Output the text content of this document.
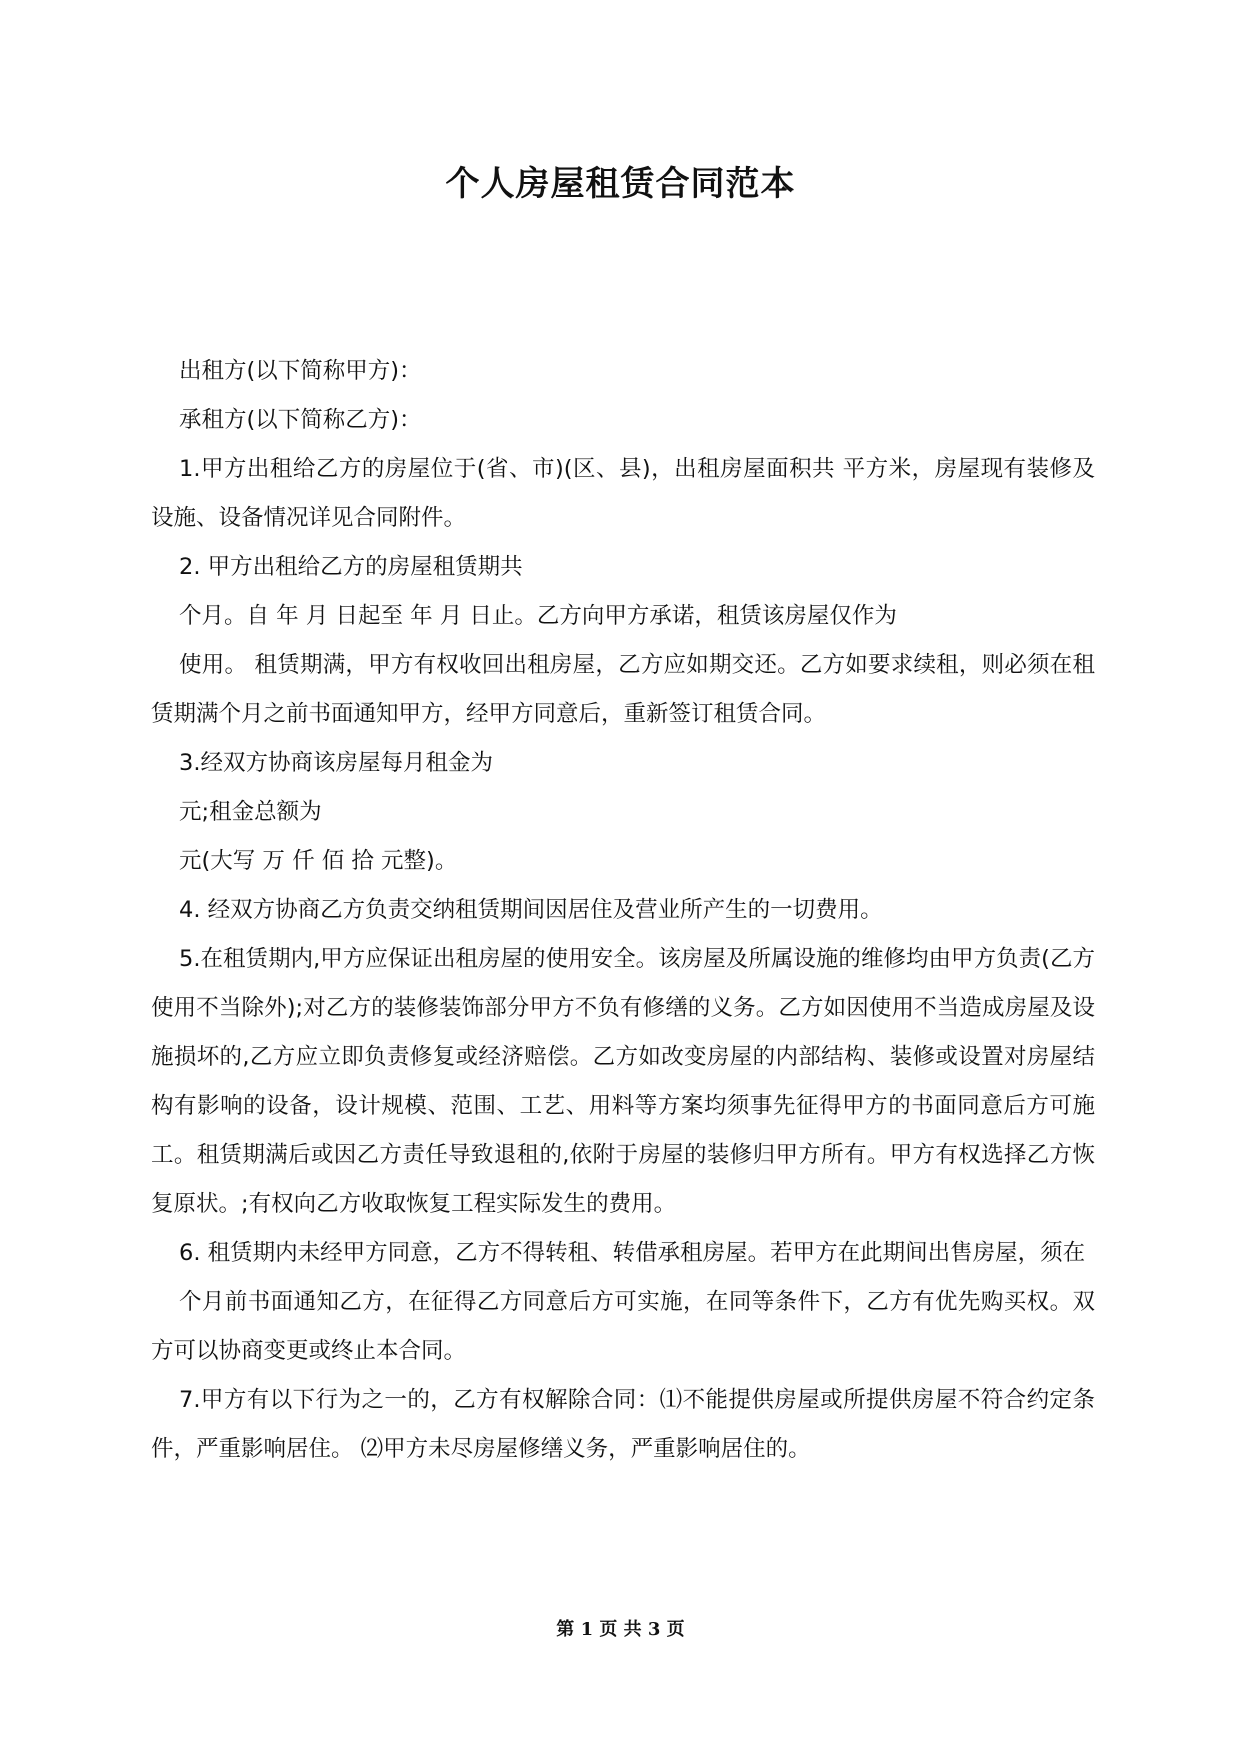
个人房屋租赁合同范本

出租方(以下简称甲方)：

承租方(以下简称乙方)：

1.甲方出租给乙方的房屋位于(省、市)(区、县)，出租房屋面积共 平方米，房屋现有装修及设施、设备情况详见合同附件。

2. 甲方出租给乙方的房屋租赁期共

个月。自 年 月 日起至 年 月 日止。乙方向甲方承诺，租赁该房屋仅作为

使用。 租赁期满，甲方有权收回出租房屋，乙方应如期交还。乙方如要求续租，则必须在租赁期满个月之前书面通知甲方，经甲方同意后，重新签订租赁合同。

3.经双方协商该房屋每月租金为

元;租金总额为

元(大写 万 仟 佰 拾 元整)。

4. 经双方协商乙方负责交纳租赁期间因居住及营业所产生的一切费用。

5.在租赁期内,甲方应保证出租房屋的使用安全。该房屋及所属设施的维修均由甲方负责(乙方使用不当除外);对乙方的装修装饰部分甲方不负有修缮的义务。乙方如因使用不当造成房屋及设施损坏的,乙方应立即负责修复或经济赔偿。乙方如改变房屋的内部结构、装修或设置对房屋结构有影响的设备，设计规模、范围、工艺、用料等方案均须事先征得甲方的书面同意后方可施工。租赁期满后或因乙方责任导致退租的,依附于房屋的装修归甲方所有。甲方有权选择乙方恢复原状。;有权向乙方收取恢复工程实际发生的费用。

6. 租赁期内未经甲方同意，乙方不得转租、转借承租房屋。若甲方在此期间出售房屋，须在

个月前书面通知乙方，在征得乙方同意后方可实施，在同等条件下，乙方有优先购买权。双方可以协商变更或终止本合同。

7.甲方有以下行为之一的，乙方有权解除合同：⑴不能提供房屋或所提供房屋不符合约定条件，严重影响居住。 ⑵甲方未尽房屋修缮义务，严重影响居住的。

第 1 页 共 3 页
